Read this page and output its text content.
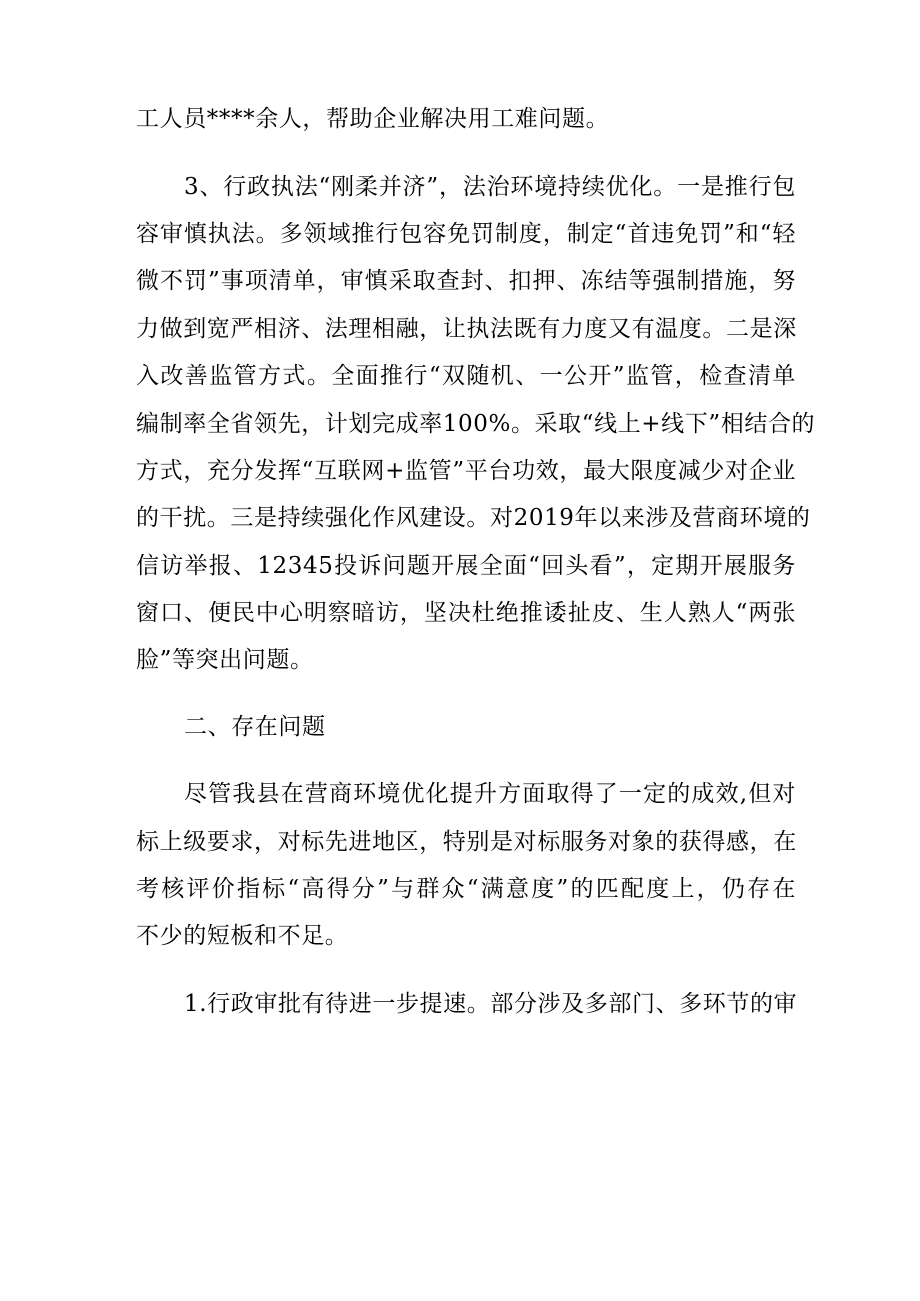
工人员****余人，帮助企业解决用工难问题。
3、行政执法“刚柔并济”，法治环境持续优化。一是推行包
容审慎执法。多领域推行包容免罚制度，制定“首违免罚”和“轻
微不罚”事项清单，审慎采取查封、扣押、冻结等强制措施，努
力做到宽严相济、法理相融，让执法既有力度又有温度。二是深
入改善监管方式。全面推行“双随机、一公开”监管，检查清单
编制率全省领先，计划完成率100%。采取“线上+线下”相结合的
方式，充分发挥“互联网+监管”平台功效，最大限度减少对企业
的干扰。三是持续强化作风建设。对2019年以来涉及营商环境的
信访举报、12345投诉问题开展全面“回头看”，定期开展服务
窗口、便民中心明察暗访，坚决杜绝推诿扯皮、生人熟人“两张
脸”等突出问题。
二、存在问题
尽管我县在营商环境优化提升方面取得了一定的成效,但对
标上级要求，对标先进地区，特别是对标服务对象的获得感，在
考核评价指标“高得分”与群众“满意度”的匹配度上，仍存在
不少的短板和不足。
1.行政审批有待进一步提速。部分涉及多部门、多环节的审
